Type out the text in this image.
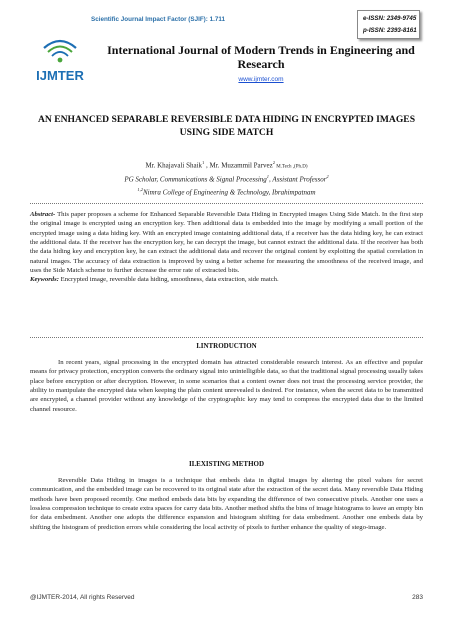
Scientific Journal Impact Factor (SJIF): 1.711	e-ISSN: 2349-9745
p-ISSN: 2393-8161
IJMTER
International Journal of Modern Trends in Engineering and Research
www.ijmter.com
AN ENHANCED SEPARABLE REVERSIBLE DATA HIDING IN ENCRYPTED IMAGES USING SIDE MATCH
Mr. Khajavali Shaik$^1$ , Mr. Muzammil Parvez$^2$ M.Tech ,(Ph.D)
PG Scholar, Communications & Signal Processing$^1$, Assistant Professor$^2$
$^{1,2}$Nimra College of Engineering & Technology, Ibrahimpatnam
Abstract- This paper proposes a scheme for Enhanced Separable Reversible Data Hiding in Encrypted images Using Side Match. In the first step the original image is encrypted using an encryption key. Then additional data is embedded into the image by modifying a small portion of the encrypted image using a data hiding key. With an encrypted image containing additional data, if a receiver has the data hiding key, he can extract the additional data. If the receiver has the encryption key, he can decrypt the image, but cannot extract the additional data. If the receiver has both the data hiding key and encryption key, he can extract the additional data and recover the original content by exploiting the spatial correlation in natural images. The accuracy of data extraction is improved by using a better scheme for measuring the smoothness of the received image, and uses the Side Match scheme to further decrease the error rate of extracted bits.
Keywords: Encrypted image, reversible data hiding, smoothness, data extraction, side match.
I.INTRODUCTION
In recent years, signal processing in the encrypted domain has attracted considerable research interest. As an effective and popular means for privacy protection, encryption converts the ordinary signal into unintelligible data, so that the traditional signal processing usually takes place before encryption or after decryption. However, in some scenarios that a content owner does not trust the processing service provider, the ability to manipulate the encrypted data when keeping the plain content unrevealed is desired. For instance, when the secret data to be transmitted are encrypted, a channel provider without any knowledge of the cryptographic key may tend to compress the encrypted data due to the limited channel resource.
II.EXISTING METHOD
Reversible Data Hiding in images is a technique that embeds data in digital images by altering the pixel values for secret communication, and the embedded image can be recovered to its original state after the extraction of the secret data. Many reversible Data Hiding methods have been proposed recently. One method embeds data bits by expanding the difference of two consecutive pixels. Another one uses a lossless compression technique to create extra spaces for carry data bits. Another method shifts the bins of image histograms to leave an empty bin for data embedment. Another one adopts the difference expansion and histogram shifting for data embedment. Another one embeds data by shifting the histogram of prediction errors while considering the local activity of pixels to further enhance the quality of stego-image.
@IJMTER-2014, All rights Reserved	283
